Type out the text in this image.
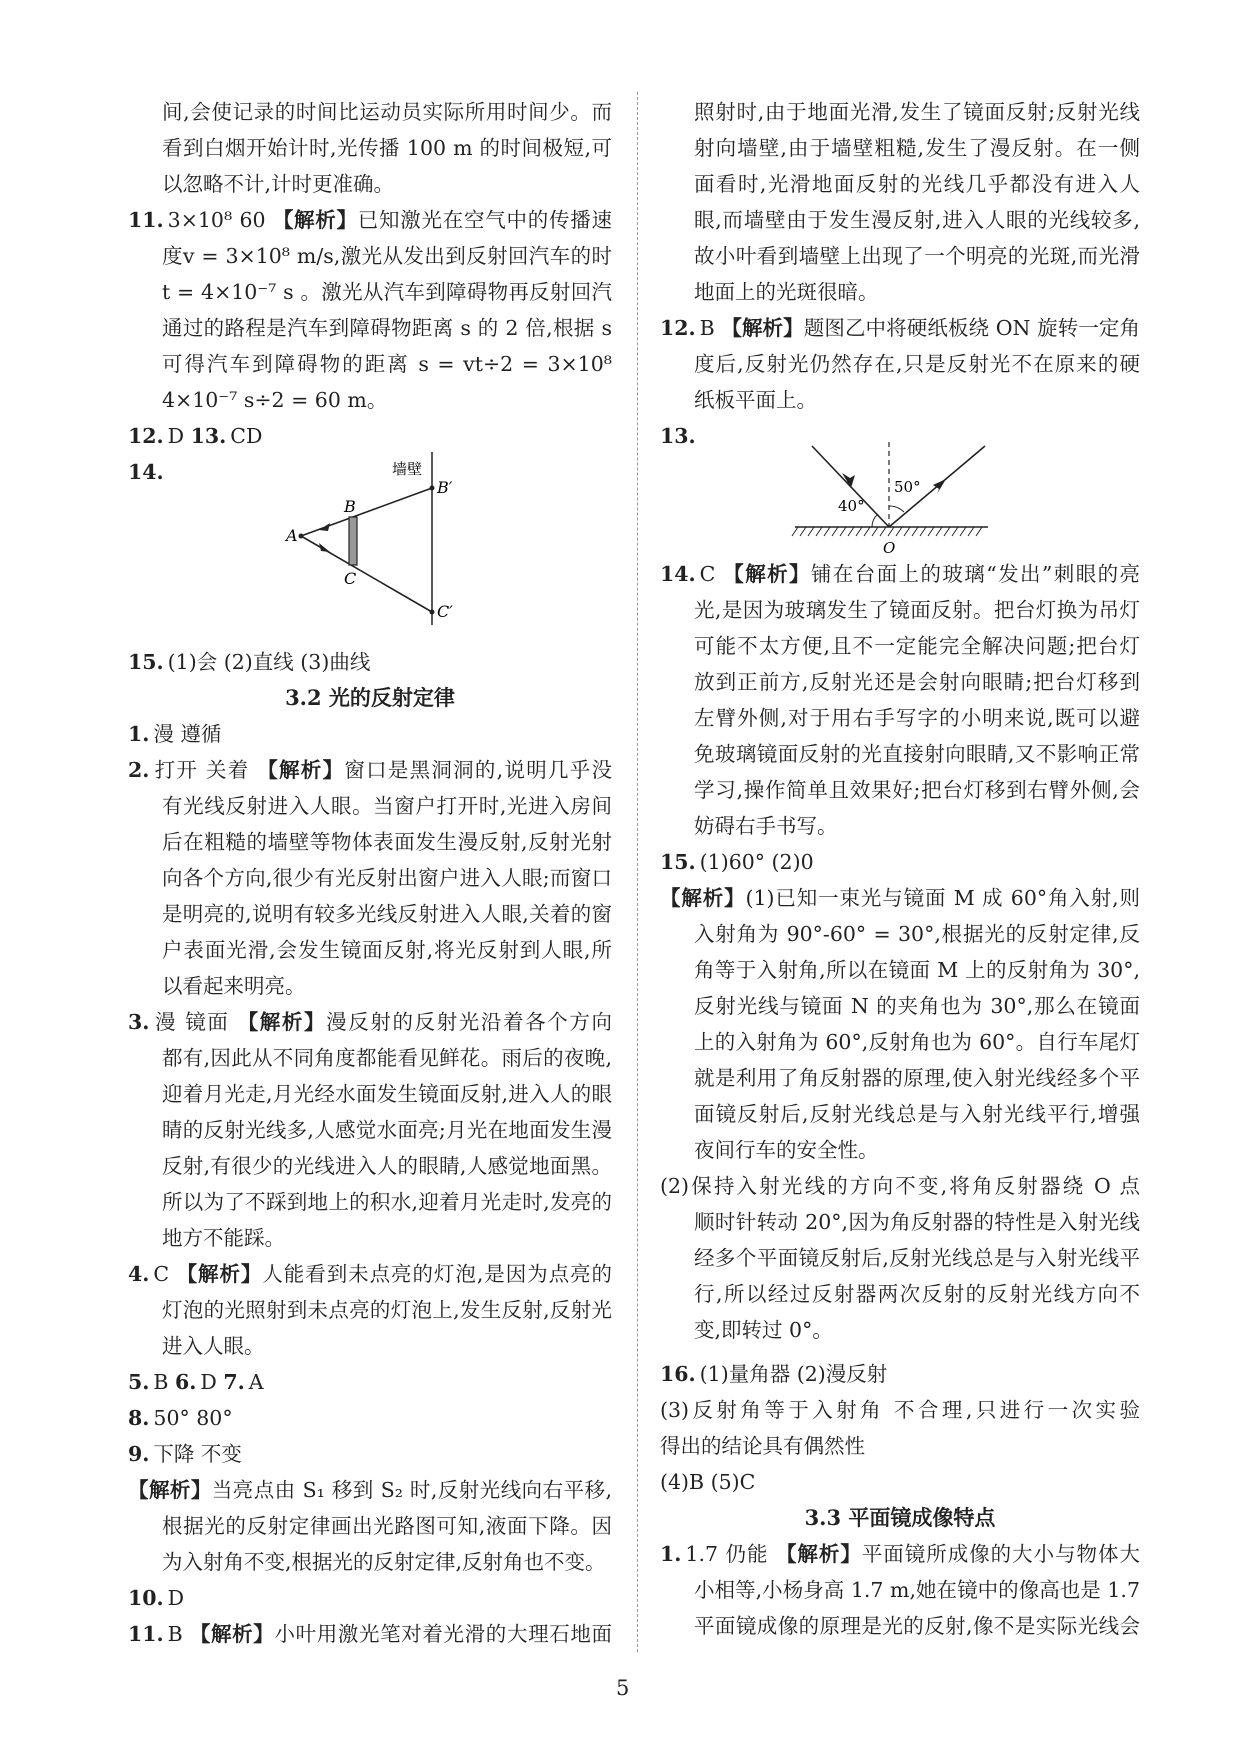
间,会使记录的时间比运动员实际所用时间少。而
看到白烟开始计时,光传播 100 m 的时间极短,可
以忽略不计,计时更准确。
11. 3×10⁸ 60 【解析】已知激光在空气中的传播速
度v = 3×10⁸ m/s,激光从发出到反射回汽车的时
t = 4×10⁻⁷ s 。激光从汽车到障碍物再反射回汽
通过的路程是汽车到障碍物距离 s 的 2 倍,根据 s
可得汽车到障碍物的距离 s = vt÷2 = 3×10⁸
4×10⁻⁷ s÷2 = 60 m。
12. D 13. CD
14.
15. (1)会 (2)直线 (3)曲线
3.2 光的反射定律
1. 漫 遵循
2. 打开 关着 【解析】窗口是黑洞洞的,说明几乎没
有光线反射进入人眼。当窗户打开时,光进入房间
后在粗糙的墙壁等物体表面发生漫反射,反射光射
向各个方向,很少有光反射出窗户进入人眼;而窗口
是明亮的,说明有较多光线反射进入人眼,关着的窗
户表面光滑,会发生镜面反射,将光反射到人眼,所
以看起来明亮。
3. 漫 镜面 【解析】漫反射的反射光沿着各个方向
都有,因此从不同角度都能看见鲜花。雨后的夜晚,
迎着月光走,月光经水面发生镜面反射,进入人的眼
睛的反射光线多,人感觉水面亮;月光在地面发生漫
反射,有很少的光线进入人的眼睛,人感觉地面黑。
所以为了不踩到地上的积水,迎着月光走时,发亮的
地方不能踩。
4. C 【解析】人能看到未点亮的灯泡,是因为点亮的
灯泡的光照射到未点亮的灯泡上,发生反射,反射光
进入人眼。
5. B 6. D 7. A
8. 50° 80°
9. 下降 不变
【解析】当亮点由 S₁ 移到 S₂ 时,反射光线向右平移,
根据光的反射定律画出光路图可知,液面下降。因
为入射角不变,根据光的反射定律,反射角也不变。
10. D
11. B 【解析】小叶用激光笔对着光滑的大理石地面
照射时,由于地面光滑,发生了镜面反射;反射光线
射向墙壁,由于墙壁粗糙,发生了漫反射。在一侧
面看时,光滑地面反射的光线几乎都没有进入人
眼,而墙壁由于发生漫反射,进入人眼的光线较多,
故小叶看到墙壁上出现了一个明亮的光斑,而光滑
地面上的光斑很暗。
12. B 【解析】题图乙中将硬纸板绕 ON 旋转一定角
度后,反射光仍然存在,只是反射光不在原来的硬
纸板平面上。
13.
14. C 【解析】铺在台面上的玻璃“发出”刺眼的亮
光,是因为玻璃发生了镜面反射。把台灯换为吊灯
可能不太方便,且不一定能完全解决问题;把台灯
放到正前方,反射光还是会射向眼睛;把台灯移到
左臂外侧,对于用右手写字的小明来说,既可以避
免玻璃镜面反射的光直接射向眼睛,又不影响正常
学习,操作简单且效果好;把台灯移到右臂外侧,会
妨碍右手书写。
15. (1)60° (2)0
【解析】(1)已知一束光与镜面 M 成 60°角入射,则
入射角为 90°-60° = 30°,根据光的反射定律,反
角等于入射角,所以在镜面 M 上的反射角为 30°,
反射光线与镜面 N 的夹角也为 30°,那么在镜面
上的入射角为 60°,反射角也为 60°。自行车尾灯
就是利用了角反射器的原理,使入射光线经多个平
面镜反射后,反射光线总是与入射光线平行,增强
夜间行车的安全性。
(2)保持入射光线的方向不变,将角反射器绕 O 点
顺时针转动 20°,因为角反射器的特性是入射光线
经多个平面镜反射后,反射光线总是与入射光线平
行,所以经过反射器两次反射的反射光线方向不
变,即转过 0°。
16. (1)量角器 (2)漫反射
(3)反射角等于入射角 不合理,只进行一次实验
得出的结论具有偶然性
(4)B (5)C
3.3 平面镜成像特点
1. 1.7 仍能 【解析】平面镜所成像的大小与物体大
小相等,小杨身高 1.7 m,她在镜中的像高也是 1.7
平面镜成像的原理是光的反射,像不是实际光线会
墙壁
A
B
C
B′
C′
40°
50°
O
5
